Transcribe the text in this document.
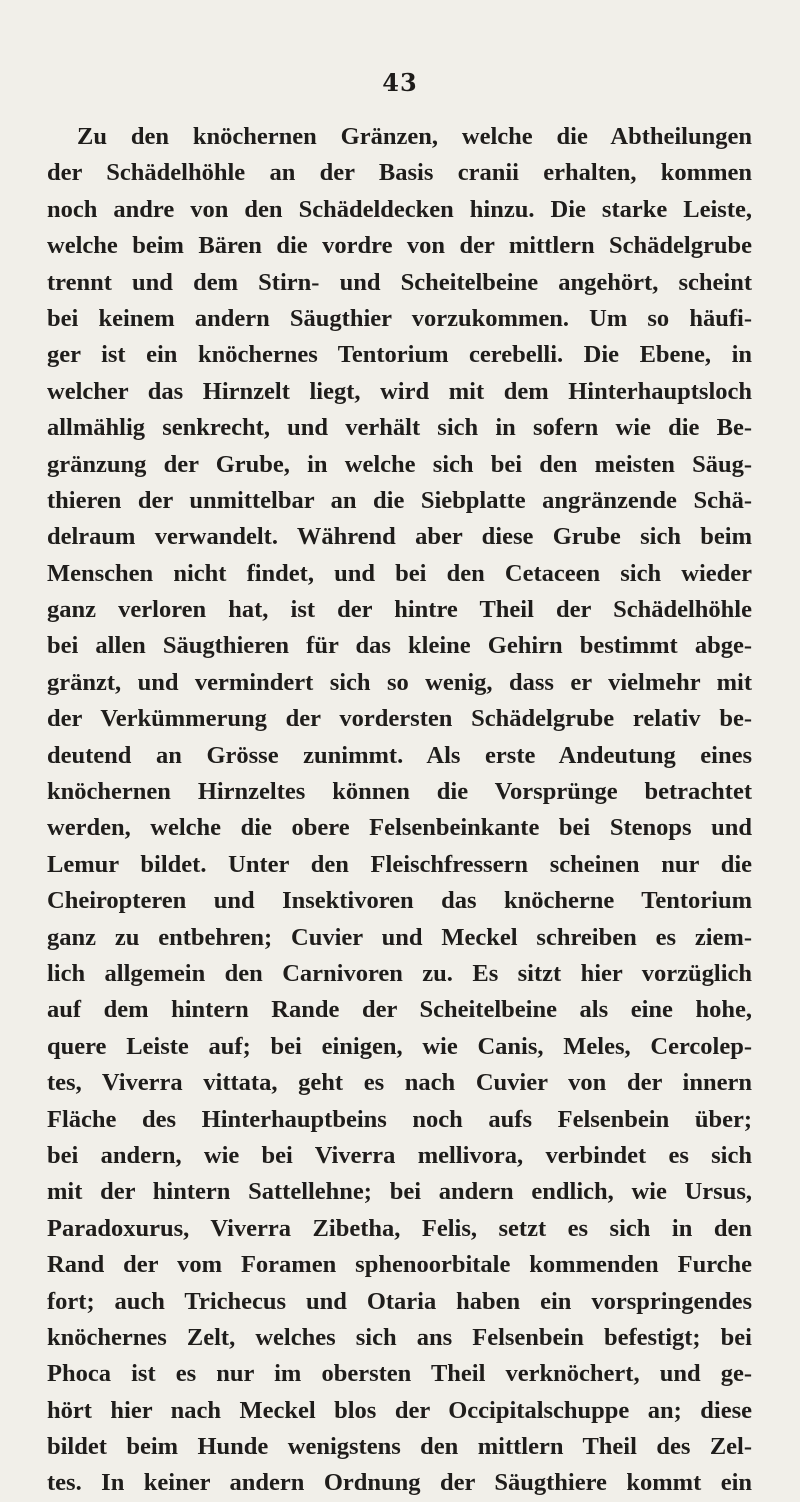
43
Zu den knöchernen Gränzen, welche die Abtheilungen
der Schädelhöhle an der Basis cranii erhalten, kommen
noch andre von den Schädeldecken hinzu. Die starke Leiste,
welche beim Bären die vordre von der mittlern Schädelgrube
trennt und dem Stirn- und Scheitelbeine angehört, scheint
bei keinem andern Säugthier vorzukommen. Um so häufi-
ger ist ein knöchernes Tentorium cerebelli. Die Ebene, in
welcher das Hirnzelt liegt, wird mit dem Hinterhauptsloch
allmählig senkrecht, und verhält sich in sofern wie die Be-
gränzung der Grube, in welche sich bei den meisten Säug-
thieren der unmittelbar an die Siebplatte angränzende Schä-
delraum verwandelt. Während aber diese Grube sich beim
Menschen nicht findet, und bei den Cetaceen sich wieder
ganz verloren hat, ist der hintre Theil der Schädelhöhle
bei allen Säugthieren für das kleine Gehirn bestimmt abge-
gränzt, und vermindert sich so wenig, dass er vielmehr mit
der Verkümmerung der vordersten Schädelgrube relativ be-
deutend an Grösse zunimmt. Als erste Andeutung eines
knöchernen Hirnzeltes können die Vorsprünge betrachtet
werden, welche die obere Felsenbeinkante bei Stenops und
Lemur bildet. Unter den Fleischfressern scheinen nur die
Cheiropteren und Insektivoren das knöcherne Tentorium
ganz zu entbehren; Cuvier und Meckel schreiben es ziem-
lich allgemein den Carnivoren zu. Es sitzt hier vorzüglich
auf dem hintern Rande der Scheitelbeine als eine hohe,
quere Leiste auf; bei einigen, wie Canis, Meles, Cercolep-
tes, Viverra vittata, geht es nach Cuvier von der innern
Fläche des Hinterhauptbeins noch aufs Felsenbein über;
bei andern, wie bei Viverra mellivora, verbindet es sich
mit der hintern Sattellehne; bei andern endlich, wie Ursus,
Paradoxurus, Viverra Zibetha, Felis, setzt es sich in den
Rand der vom Foramen sphenoorbitale kommenden Furche
fort; auch Trichecus und Otaria haben ein vorspringendes
knöchernes Zelt, welches sich ans Felsenbein befestigt; bei
Phoca ist es nur im obersten Theil verknöchert, und ge-
hört hier nach Meckel blos der Occipitalschuppe an; diese
bildet beim Hunde wenigstens den mittlern Theil des Zel-
tes. In keiner andern Ordnung der Säugthiere kommt ein
